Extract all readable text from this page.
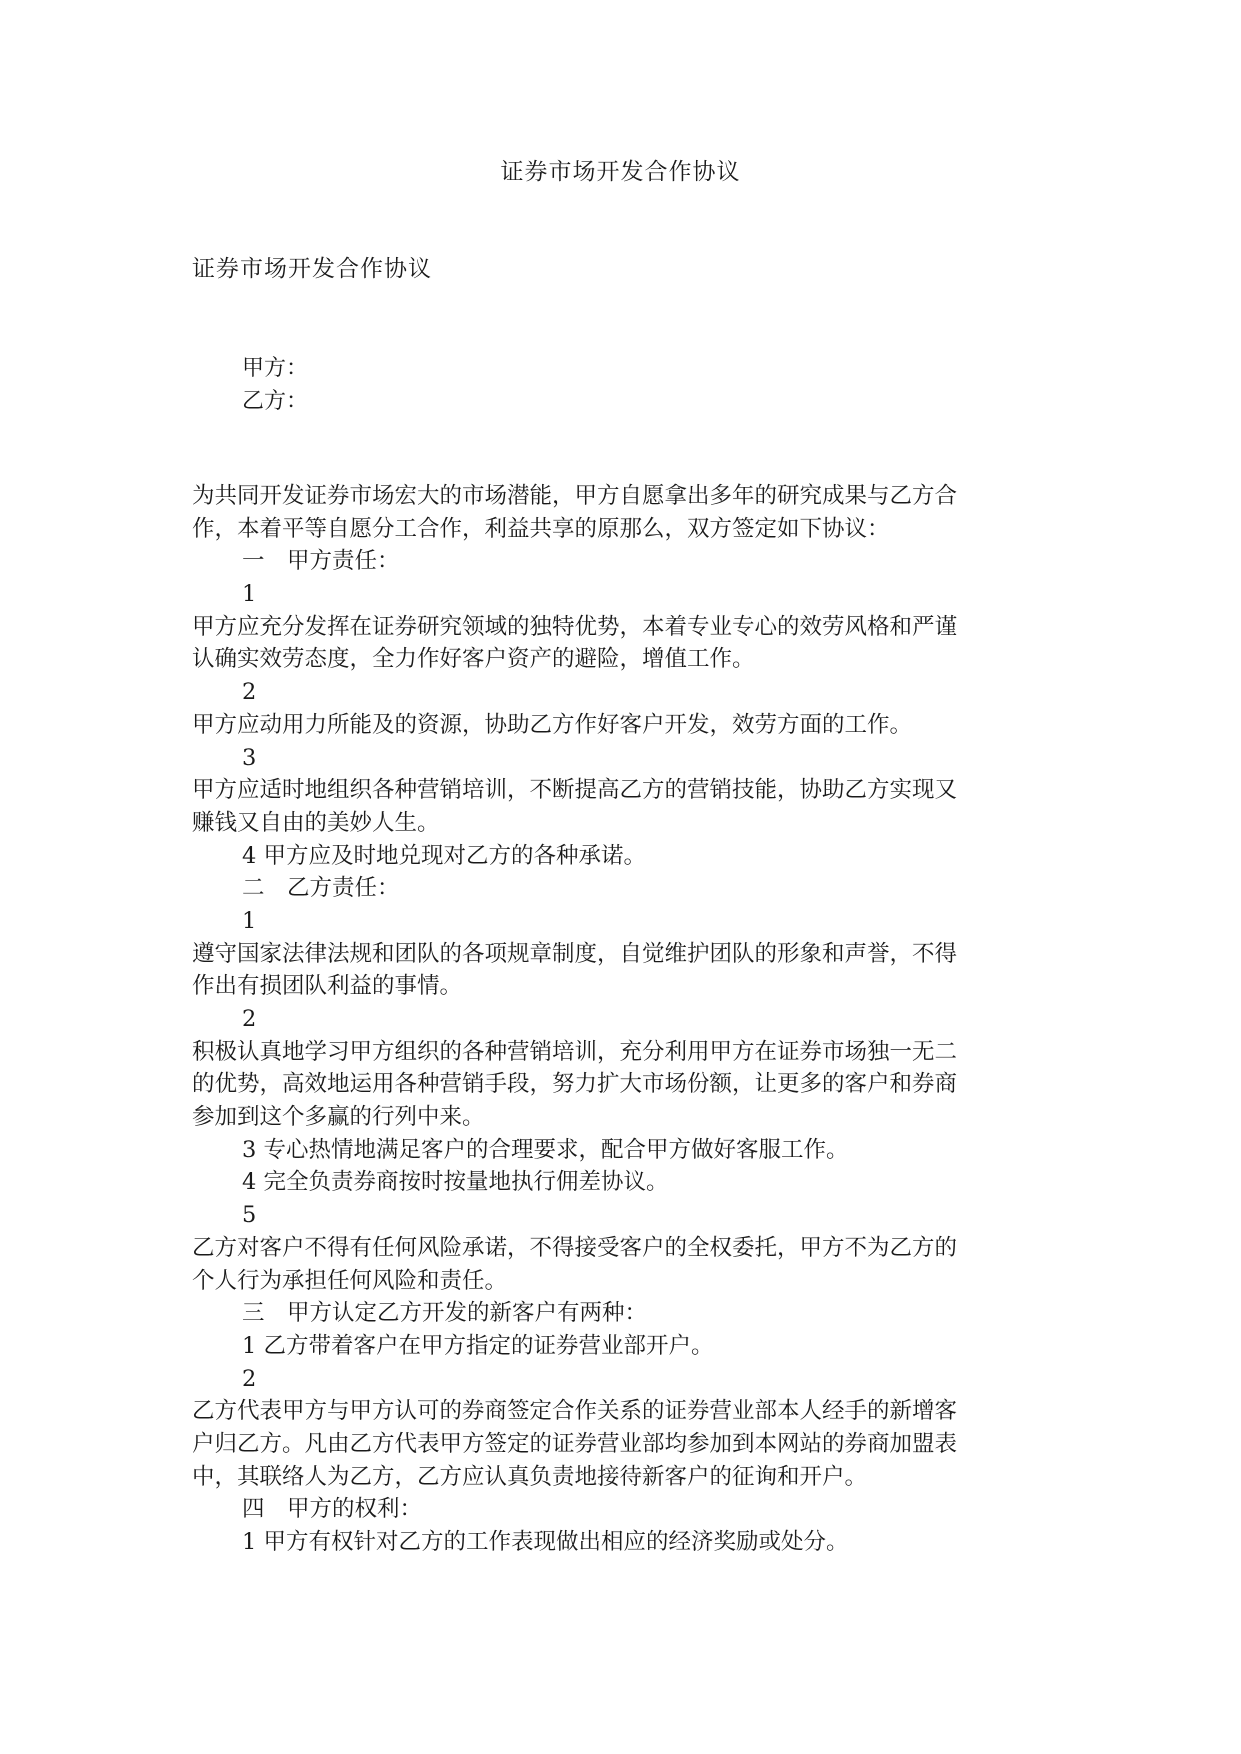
证券市场开发合作协议
证券市场开发合作协议
甲方：
乙方：
为共同开发证券市场宏大的市场潜能，甲方自愿拿出多年的研究成果与乙方合
作，本着平等自愿分工合作，利益共享的原那么，双方签定如下协议：
一　甲方责任：
1
甲方应充分发挥在证券研究领域的独特优势，本着专业专心的效劳风格和严谨
认确实效劳态度，全力作好客户资产的避险，增值工作。
2
甲方应动用力所能及的资源，协助乙方作好客户开发，效劳方面的工作。
3
甲方应适时地组织各种营销培训，不断提高乙方的营销技能，协助乙方实现又
赚钱又自由的美妙人生。
4 甲方应及时地兑现对乙方的各种承诺。
二　乙方责任：
1
遵守国家法律法规和团队的各项规章制度，自觉维护团队的形象和声誉，不得
作出有损团队利益的事情。
2
积极认真地学习甲方组织的各种营销培训，充分利用甲方在证券市场独一无二
的优势，高效地运用各种营销手段，努力扩大市场份额，让更多的客户和券商
参加到这个多赢的行列中来。
3 专心热情地满足客户的合理要求，配合甲方做好客服工作。
4 完全负责券商按时按量地执行佣差协议。
5
乙方对客户不得有任何风险承诺，不得接受客户的全权委托，甲方不为乙方的
个人行为承担任何风险和责任。
三　甲方认定乙方开发的新客户有两种：
1 乙方带着客户在甲方指定的证券营业部开户。
2
乙方代表甲方与甲方认可的券商签定合作关系的证券营业部本人经手的新增客
户归乙方。凡由乙方代表甲方签定的证券营业部均参加到本网站的券商加盟表
中，其联络人为乙方，乙方应认真负责地接待新客户的征询和开户。
四　甲方的权利：
1 甲方有权针对乙方的工作表现做出相应的经济奖励或处分。
